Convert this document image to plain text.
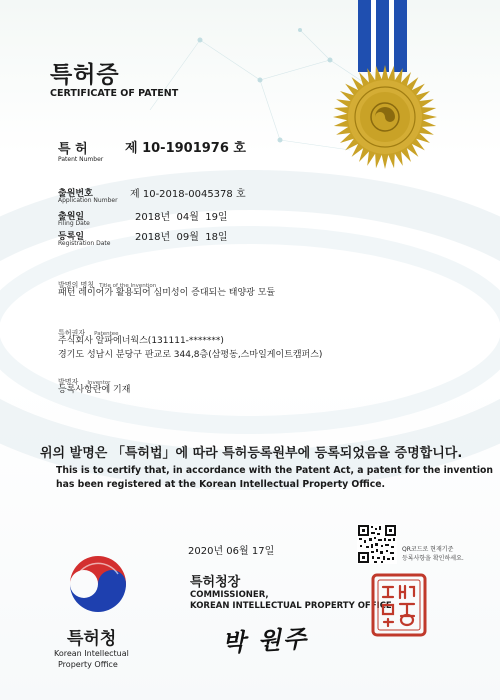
특허증
CERTIFICATE OF PATENT
특 허
Patent Number
제 10-1901976 호
출원번호
Application Number
제 10-2018-0045378 호
출원일
Filing Date
2018년  04월  19일
등록일
Registration Date
2018년  09월  18일
발명의 명칭 Title of the Invention
패턴 레이어가 활용되어 심미성이 증대되는 태양광 모듈
특허권자 Patentee
주식회사 알파에너웍스(131111-*******)
경기도 성남시 분당구 판교로 344,8층(삼평동,스마일게이트캠퍼스)
발명자 Inventor
등록사항란에 기재
위의 발명은 「특허법」에 따라 특허등록원부에 등록되었음을 증명합니다.
This is to certify that, in accordance with the Patent Act, a patent for the invention
has been registered at the Korean Intellectual Property Office.
2020년 06월 17일	QR코드로 현재기준
등록사항을 확인하세요.
특허청장
COMMISSIONER,
KOREAN INTELLECTUAL PROPERTY OFFICE
박 원주
특허청
Korean Intellectual
Property Office
